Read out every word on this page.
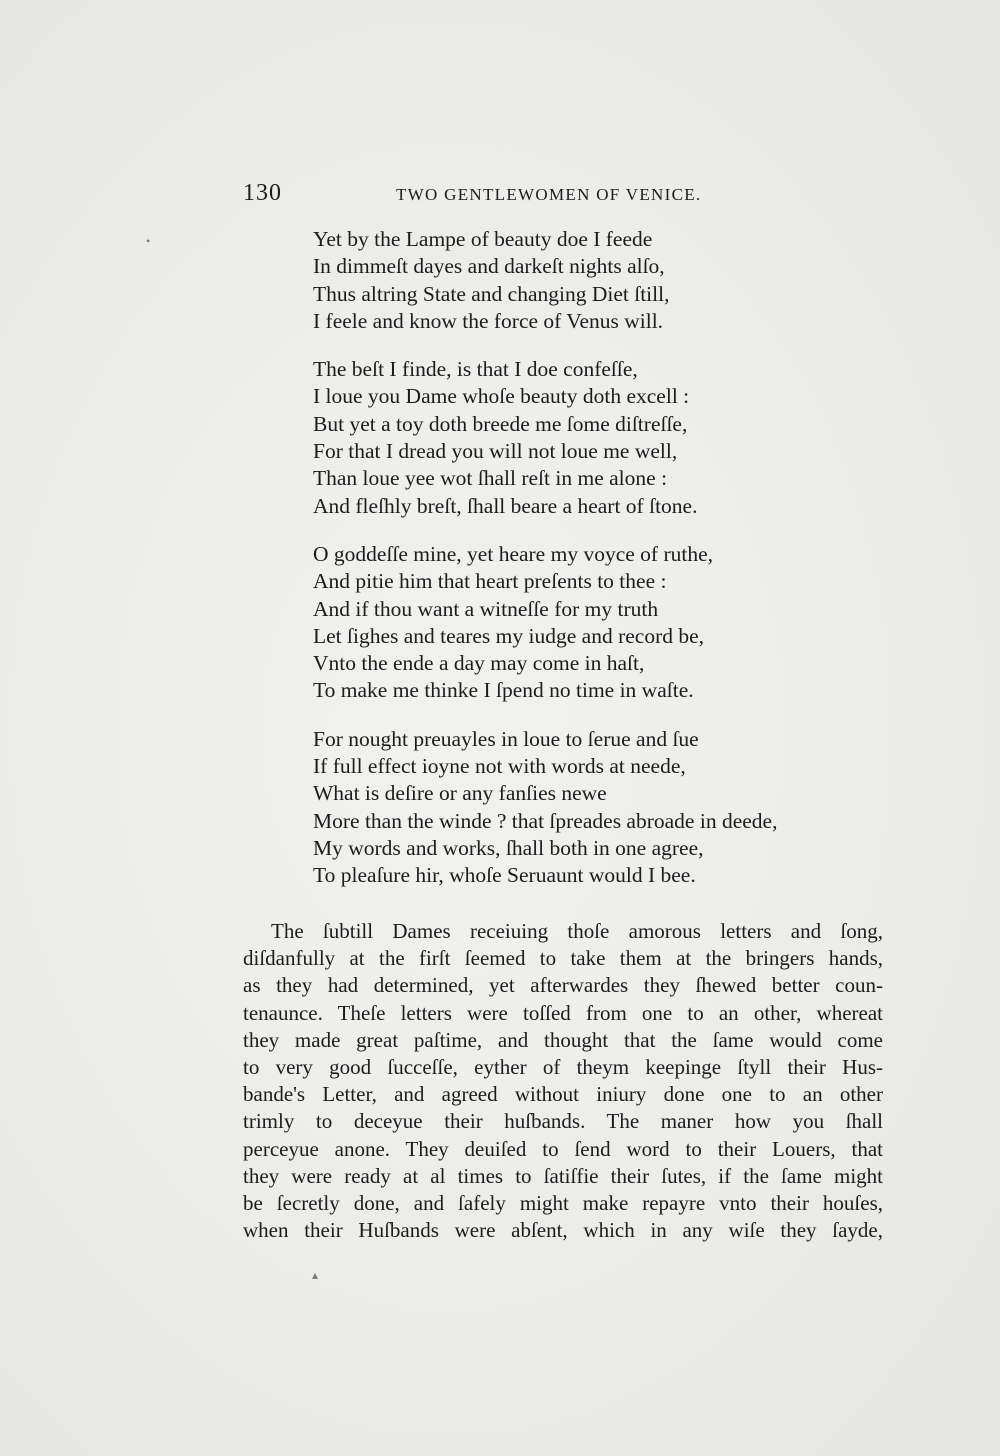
130	TWO GENTLEWOMEN OF VENICE.
Yet by the Lampe of beauty doe I feede
In dimmeſt dayes and darkeſt nights alſo,
Thus altring State and changing Diet ſtill,
I feele and know the force of Venus will.
The beſt I finde, is that I doe confeſſe,
I loue you Dame whoſe beauty doth excell :
But yet a toy doth breede me ſome diſtreſſe,
For that I dread you will not loue me well,
Than loue yee wot ſhall reſt in me alone :
And fleſhly breſt, ſhall beare a heart of ſtone.
O goddeſſe mine, yet heare my voyce of ruthe,
And pitie him that heart preſents to thee :
And if thou want a witneſſe for my truth
Let ſighes and teares my iudge and record be,
Vnto the ende a day may come in haſt,
To make me thinke I ſpend no time in waſte.
For nought preuayles in loue to ſerue and ſue
If full effect ioyne not with words at neede,
What is deſire or any fanſies newe
More than the winde ? that ſpreades abroade in deede,
My words and works, ſhall both in one agree,
To pleaſure hir, whoſe Seruaunt would I bee.
The ſubtill Dames receiuing thoſe amorous letters and ſong,
diſdanfully at the firſt ſeemed to take them at the bringers hands,
as they had determined, yet afterwardes they ſhewed better coun-
tenaunce. Theſe letters were toſſed from one to an other, whereat
they made great paſtime, and thought that the ſame would come
to very good ſucceſſe, eyther of theym keepinge ſtyll their Hus-
bande's Letter, and agreed without iniury done one to an other
trimly to deceyue their huſbands. The maner how you ſhall
perceyue anone. They deuiſed to ſend word to their Louers, that
they were ready at al times to ſatiſfie their ſutes, if the ſame might
be ſecretly done, and ſafely might make repayre vnto their houſes,
when their Huſbands were abſent, which in any wiſe they ſayde,
•
▴
